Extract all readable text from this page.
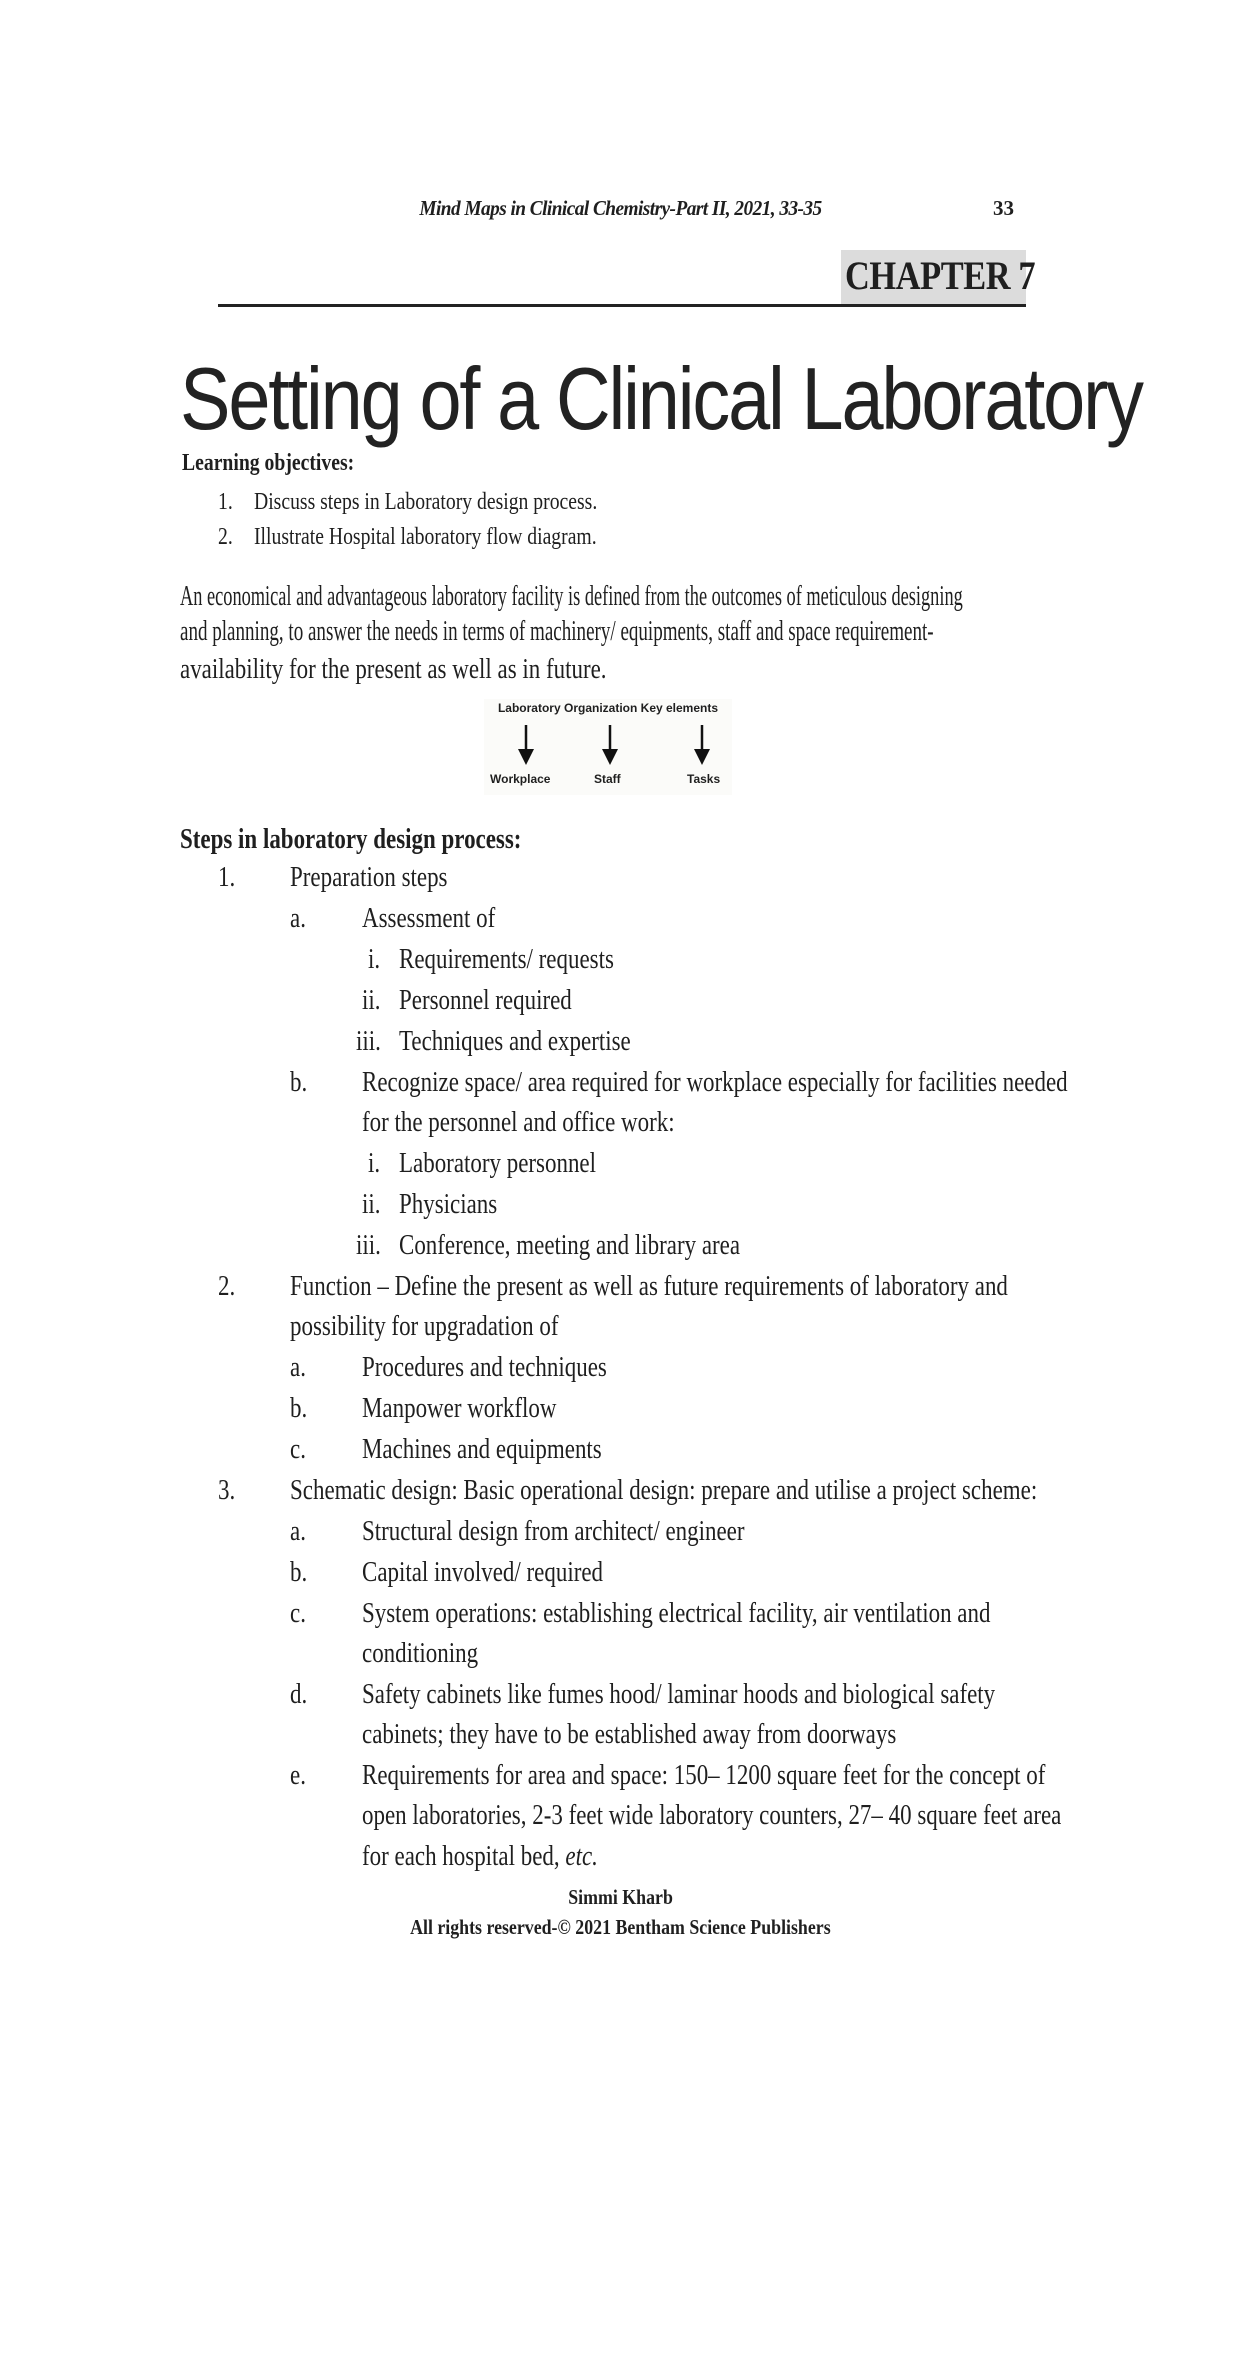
Mind Maps in Clinical Chemistry-Part II, 2021, 33-35	33
CHAPTER 7
Setting of a Clinical Laboratory
Learning objectives:
1. Discuss steps in Laboratory design process.
2. Illustrate Hospital laboratory flow diagram.
An economical and advantageous laboratory facility is defined from the outcomes of meticulous designing
and planning, to answer the needs in terms of machinery/ equipments, staff and space requirement-
availability for the present as well as in future.
Laboratory Organization Key elements
Workplace	Staff	Tasks
Steps in laboratory design process:
1. Preparation steps
a. Assessment of
i. Requirements/ requests
ii. Personnel required
iii. Techniques and expertise
b. Recognize space/ area required for workplace especially for facilities needed
for the personnel and office work:
i. Laboratory personnel
ii. Physicians
iii. Conference, meeting and library area
2. Function – Define the present as well as future requirements of laboratory and
possibility for upgradation of
a. Procedures and techniques
b. Manpower workflow
c. Machines and equipments
3. Schematic design: Basic operational design: prepare and utilise a project scheme:
a. Structural design from architect/ engineer
b. Capital involved/ required
c. System operations: establishing electrical facility, air ventilation and
conditioning
d. Safety cabinets like fumes hood/ laminar hoods and biological safety
cabinets; they have to be established away from doorways
e. Requirements for area and space: 150– 1200 square feet for the concept of
open laboratories, 2-3 feet wide laboratory counters, 27– 40 square feet area
for each hospital bed, etc.
Simmi Kharb
All rights reserved-© 2021 Bentham Science Publishers
